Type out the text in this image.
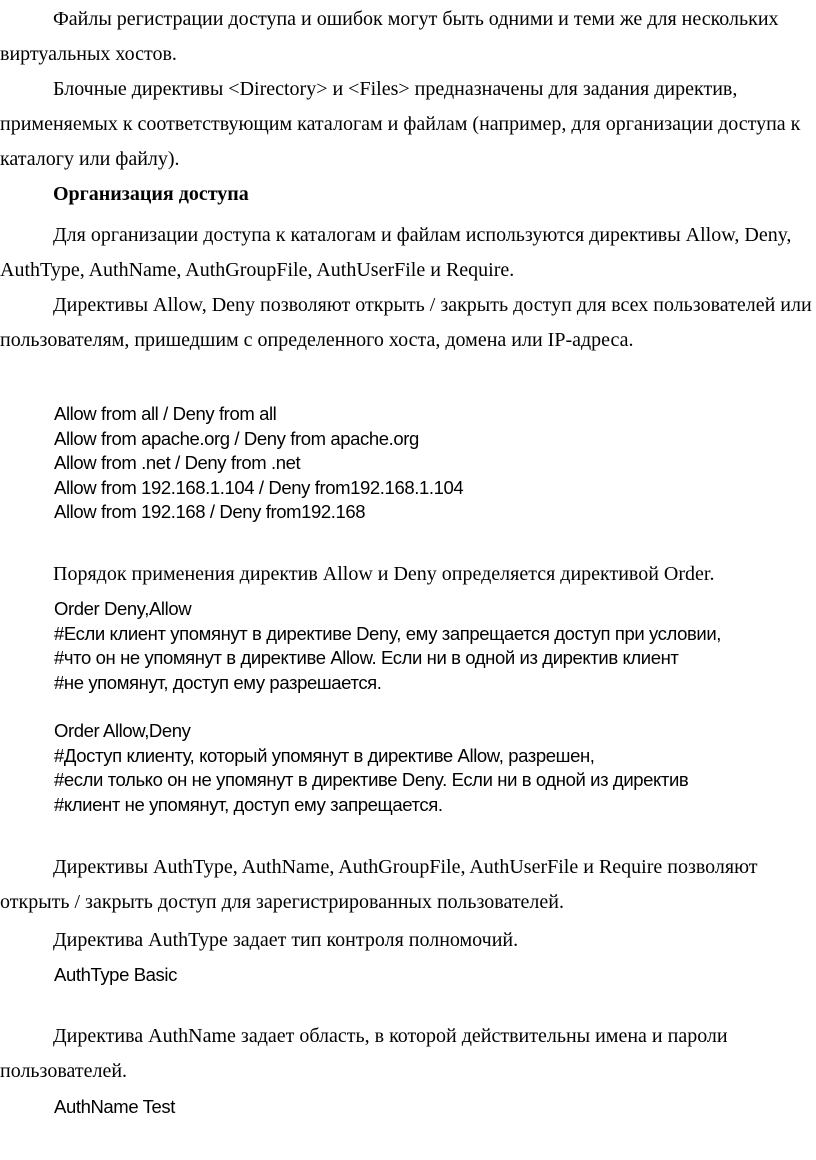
Файлы регистрации доступа и ошибок могут быть одними и теми же для нескольких виртуальных хостов.

Блочные директивы <Directory> и <Files> предназначены для задания директив, применяемых к соответствующим каталогам и файлам (например, для организации доступа к каталогу или файлу).

Организация доступа

Для организации доступа к каталогам и файлам используются директивы Allow, Deny, AuthType, AuthName, AuthGroupFile, AuthUserFile и Require.

Директивы Allow, Deny позволяют открыть / закрыть доступ для всех пользователей или пользователям, пришедшим с определенного хоста, домена или IP-адреса.

Allow from all / Deny from all
Allow from apache.org / Deny from apache.org
Allow from .net / Deny from .net
Allow from 192.168.1.104 / Deny from192.168.1.104
Allow from 192.168 / Deny from192.168

Порядок применения директив Allow и Deny определяется директивой Order.

Order Deny,Allow
#Если клиент упомянут в директиве Deny, ему запрещается доступ при условии,
#что он не упомянут в директиве Allow. Если ни в одной из директив клиент
#не упомянут, доступ ему разрешается.
Order Allow,Deny
#Доступ клиенту, который упомянут в директиве Allow, разрешен,
#если только он не упомянут в директиве Deny. Если ни в одной из директив
#клиент не упомянут, доступ ему запрещается.

Директивы AuthType, AuthName, AuthGroupFile, AuthUserFile и Require позволяют открыть / закрыть доступ для зарегистрированных пользователей.

Директива AuthType задает тип контроля полномочий.

AuthType Basic

Директива AuthName задает область, в которой действительны имена и пароли пользователей.

AuthName Test
